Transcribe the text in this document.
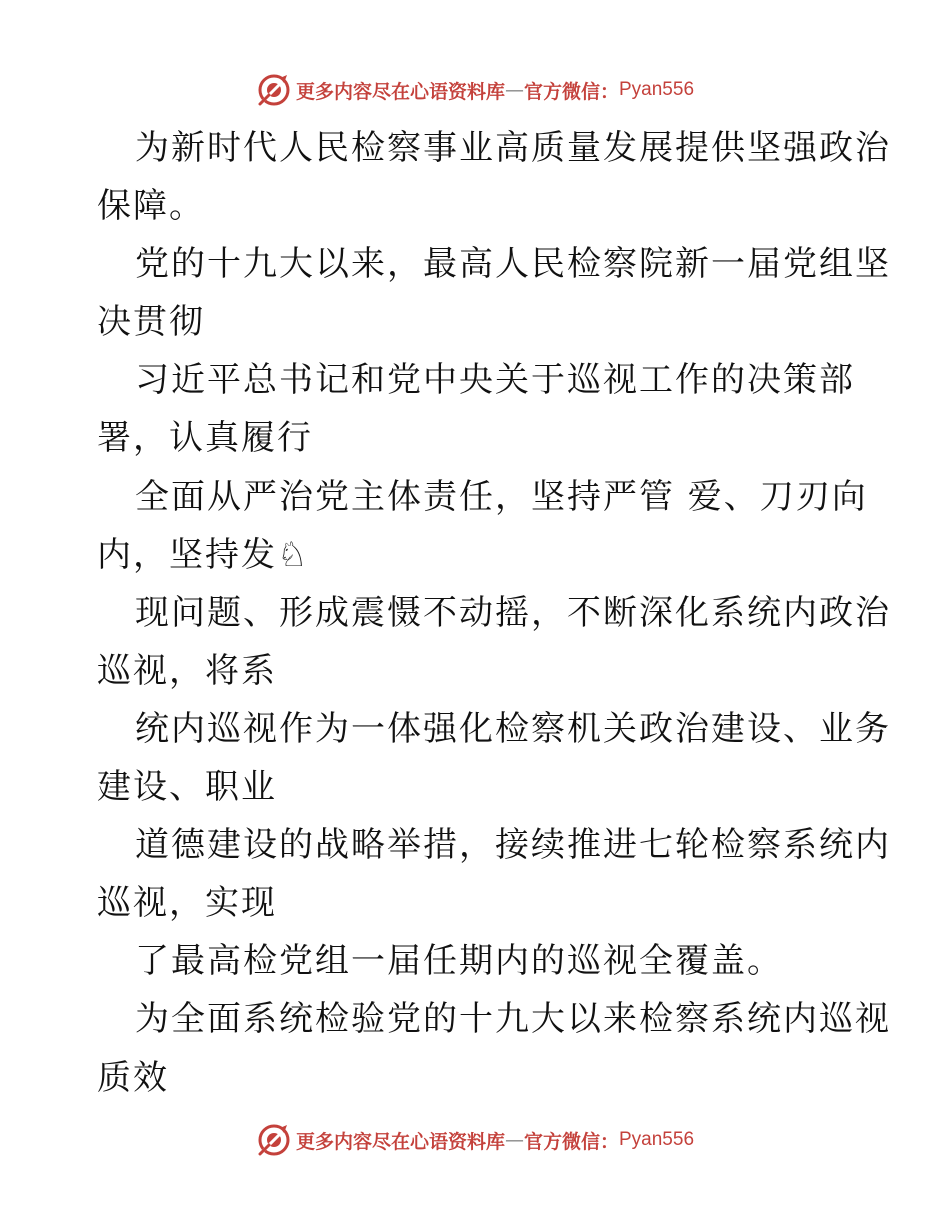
更多内容尽在心语资料库 — 官方微信： Pyan556
为新时代人民检察事业高质量发展提供坚强政治
保障。
党的十九大以来，最高人民检察院新一届党组坚
决贯彻
习近平总书记和党中央关于巡视工作的决策部
署，认真履行
全面从严治党主体责任，坚持严管 爱、刀刃向
内，坚持发♘
现问题、形成震慑不动摇，不断深化系统内政治
巡视，将系
统内巡视作为一体强化检察机关政治建设、业务
建设、职业
道德建设的战略举措，接续推进七轮检察系统内
巡视，实现
了最高检党组一届任期内的巡视全覆盖。
为全面系统检验党的十九大以来检察系统内巡视
质效
更多内容尽在心语资料库 — 官方微信： Pyan556
